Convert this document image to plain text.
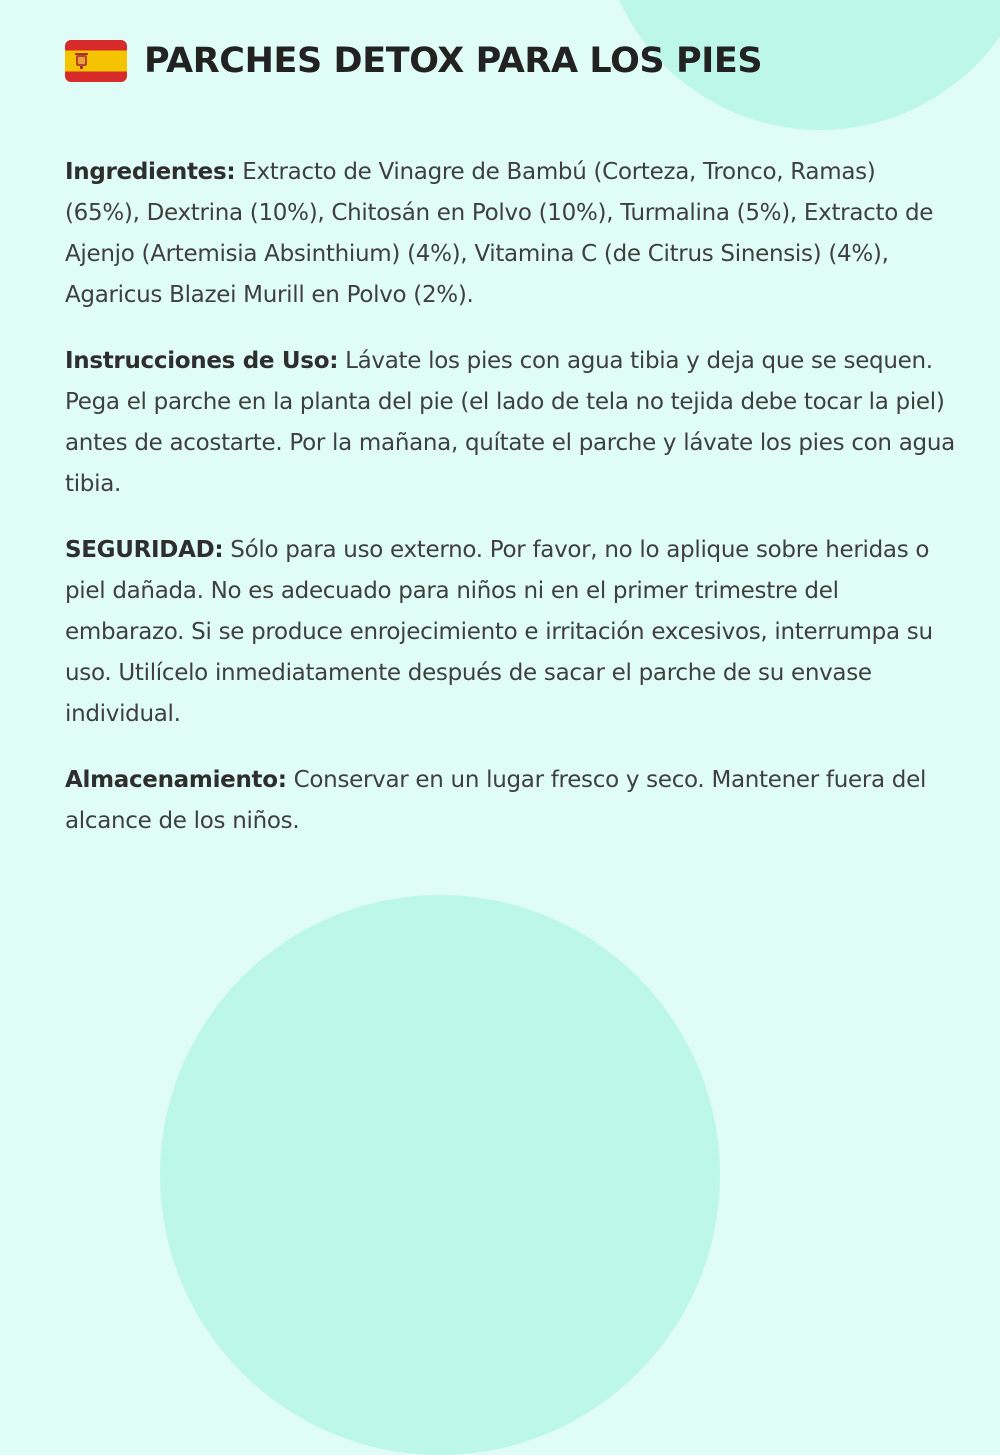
PARCHES DETOX PARA LOS PIES

Ingredientes: Extracto de Vinagre de Bambú (Corteza, Tronco, Ramas) (65%), Dextrina (10%), Chitosán en Polvo (10%), Turmalina (5%), Extracto de Ajenjo (Artemisia Absinthium) (4%), Vitamina C (de Citrus Sinensis) (4%), Agaricus Blazei Murill en Polvo (2%).

Instrucciones de Uso: Lávate los pies con agua tibia y deja que se sequen. Pega el parche en la planta del pie (el lado de tela no tejida debe tocar la piel) antes de acostarte. Por la mañana, quítate el parche y lávate los pies con agua tibia.

SEGURIDAD: Sólo para uso externo. Por favor, no lo aplique sobre heridas o piel dañada. No es adecuado para niños ni en el primer trimestre del embarazo. Si se produce enrojecimiento e irritación excesivos, interrumpa su uso. Utilícelo inmediatamente después de sacar el parche de su envase individual.

Almacenamiento: Conservar en un lugar fresco y seco. Mantener fuera del alcance de los niños.
